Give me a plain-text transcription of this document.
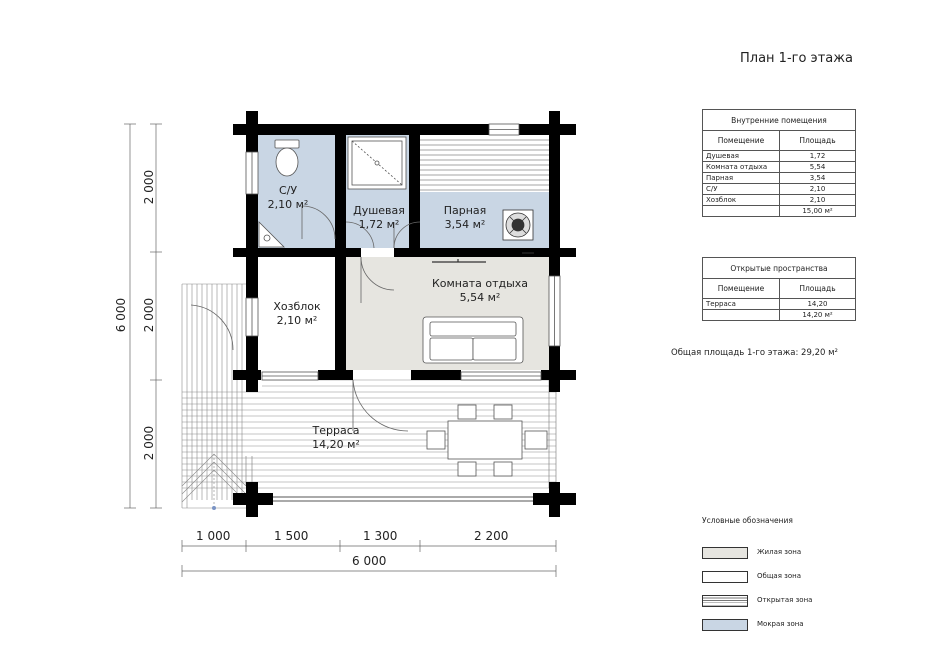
План 1-го этажа
С/У
2,10 м²	Душевая
1,72 м²
Парная
3,54 м²
Комната отдыха
5,54 м²
Хозблок
2,10 м²
Терраса
14,20 м²
2 000
2 000
2 000
6 000
1 000	1 500	1 300	2 200
6 000
Внутренние помещения	
Помещение	Площадь
Душевая	1,72
Комната отдыха	5,54
Парная	3,54
С/У	2,10
Хозблок	2,10
	15,00 м²
Открытые пространства	
Помещение	Площадь
Терраса	14,20
	14,20 м²
Общая площадь 1-го этажа: 29,20 м²
Условные обозначения
Жилая зона
Общая зона
Открытая зона
Мокрая зона
